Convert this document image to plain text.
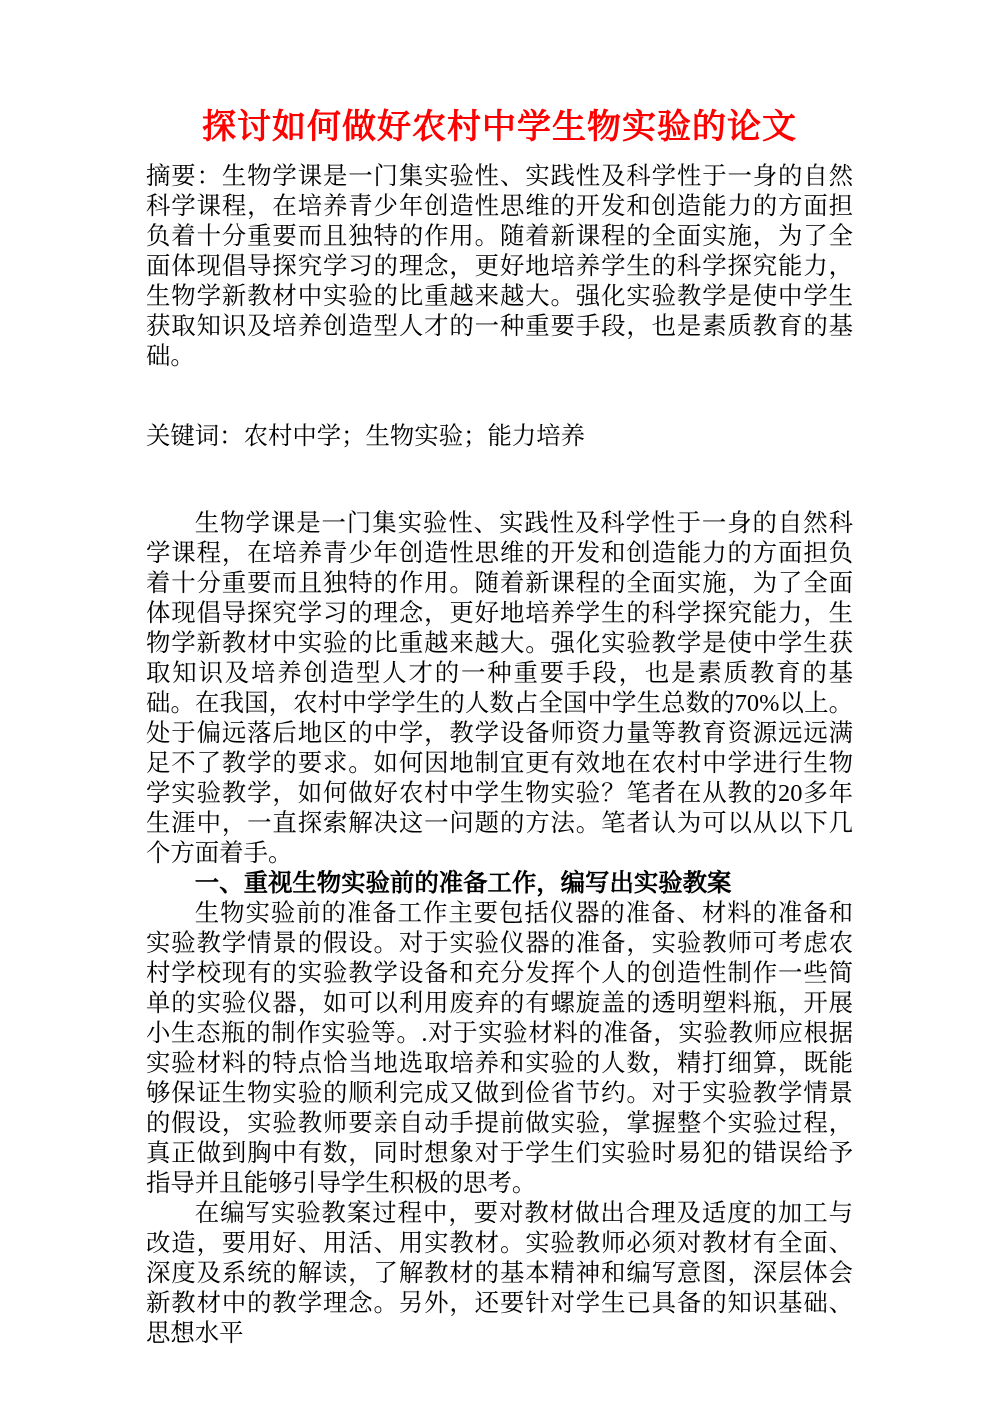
探讨如何做好农村中学生物实验的论文

摘要：生物学课是一门集实验性、实践性及科学性于一身的自然科学课程，在培养青少年创造性思维的开发和创造能力的方面担负着十分重要而且独特的作用。随着新课程的全面实施，为了全面体现倡导探究学习的理念，更好地培养学生的科学探究能力，生物学新教材中实验的比重越来越大。强化实验教学是使中学生获取知识及培养创造型人才的一种重要手段，也是素质教育的基础。

关键词：农村中学；生物实验；能力培养

生物学课是一门集实验性、实践性及科学性于一身的自然科学课程，在培养青少年创造性思维的开发和创造能力的方面担负着十分重要而且独特的作用。随着新课程的全面实施，为了全面体现倡导探究学习的理念，更好地培养学生的科学探究能力，生物学新教材中实验的比重越来越大。强化实验教学是使中学生获取知识及培养创造型人才的一种重要手段，也是素质教育的基础。在我国，农村中学学生的人数占全国中学生总数的70%以上。处于偏远落后地区的中学，教学设备师资力量等教育资源远远满足不了教学的要求。如何因地制宜更有效地在农村中学进行生物学实验教学，如何做好农村中学生物实验？笔者在从教的20多年生涯中，一直探索解决这一问题的方法。笔者认为可以从以下几个方面着手。

一、重视生物实验前的准备工作，编写出实验教案

生物实验前的准备工作主要包括仪器的准备、材料的准备和实验教学情景的假设。对于实验仪器的准备，实验教师可考虑农村学校现有的实验教学设备和充分发挥个人的创造性制作一些简单的实验仪器，如可以利用废弃的有螺旋盖的透明塑料瓶，开展小生态瓶的制作实验等。.对于实验材料的准备，实验教师应根据实验材料的特点恰当地选取培养和实验的人数，精打细算，既能够保证生物实验的顺利完成又做到俭省节约。对于实验教学情景的假设，实验教师要亲自动手提前做实验，掌握整个实验过程，真正做到胸中有数，同时想象对于学生们实验时易犯的错误给予指导并且能够引导学生积极的思考。

在编写实验教案过程中，要对教材做出合理及适度的加工与改造，要用好、用活、用实教材。实验教师必须对教材有全面、深度及系统的解读，了解教材的基本精神和编写意图，深层体会新教材中的教学理念。另外，还要针对学生已具备的知识基础、思想水平
